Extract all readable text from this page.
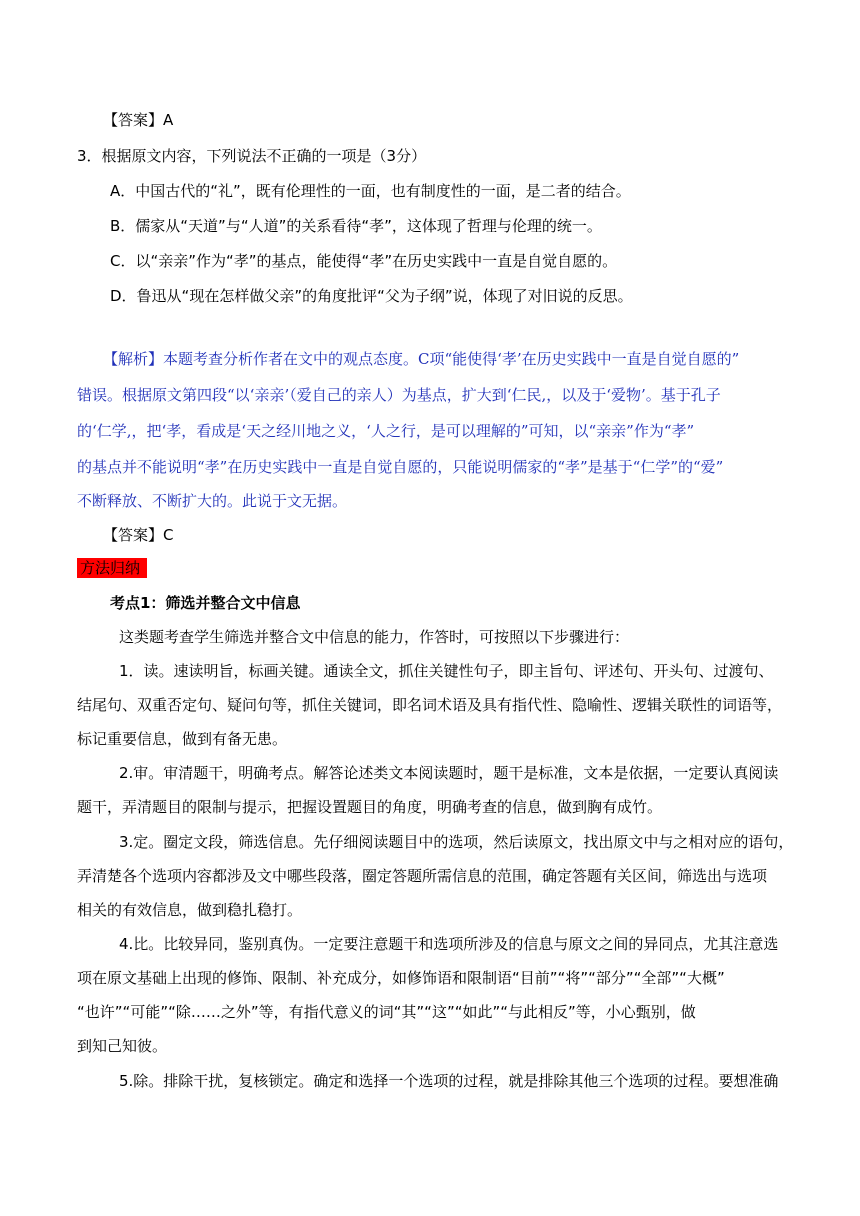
【答案】A
3．根据原文内容，下列说法不正确的一项是（3分）
A．中国古代的“礼”，既有伦理性的一面，也有制度性的一面，是二者的结合。
B．儒家从“天道”与“人道”的关系看待“孝”，这体现了哲理与伦理的统一。
C．以“亲亲”作为“孝”的基点，能使得“孝”在历史实践中一直是自觉自愿的。
D．鲁迅从“现在怎样做父亲”的角度批评“父为子纲”说，体现了对旧说的反思。
【解析】本题考查分析作者在文中的观点态度。C项“能使得‘孝’在历史实践中一直是自觉自愿的”
错误。根据原文第四段“以‘亲亲’（爱自己的亲人）为基点，扩大到‘仁民,，以及于‘爱物’。基于孔子
的‘仁学,，把‘孝，看成是‘天之经川地之义，‘人之行，是可以理解的”可知，以“亲亲”作为“孝”
的基点并不能说明“孝”在历史实践中一直是自觉自愿的，只能说明儒家的“孝”是基于“仁学”的“爱”
不断释放、不断扩大的。此说于文无据。
【答案】C
方法归纳
考点1：筛选并整合文中信息
这类题考查学生筛选并整合文中信息的能力，作答时，可按照以下步骤进行：
1．读。速读明旨，标画关键。通读全文，抓住关键性句子，即主旨句、评述句、开头句、过渡句、
结尾句、双重否定句、疑问句等，抓住关键词，即名词术语及具有指代性、隐喻性、逻辑关联性的词语等，
标记重要信息，做到有备无患。
2.审。审清题干，明确考点。解答论述类文本阅读题时，题干是标准，文本是依据，一定要认真阅读
题干，弄清题目的限制与提示，把握设置题目的角度，明确考查的信息，做到胸有成竹。
3.定。圈定文段，筛选信息。先仔细阅读题目中的选项，然后读原文，找出原文中与之相对应的语句，
弄清楚各个选项内容都涉及文中哪些段落，圈定答题所需信息的范围，确定答题有关区间，筛选出与选项
相关的有效信息，做到稳扎稳打。
4.比。比较异同，鉴别真伪。一定要注意题干和选项所涉及的信息与原文之间的异同点，尤其注意选
项在原文基础上出现的修饰、限制、补充成分，如修饰语和限制语“目前”“将”“部分”“全部”“大概”
“也许”“可能”“除……之外”等，有指代意义的词“其”“这”“如此”“与此相反”等，小心甄别，做
到知己知彼。
5.除。排除干扰，复核锁定。确定和选择一个选项的过程，就是排除其他三个选项的过程。要想准确
